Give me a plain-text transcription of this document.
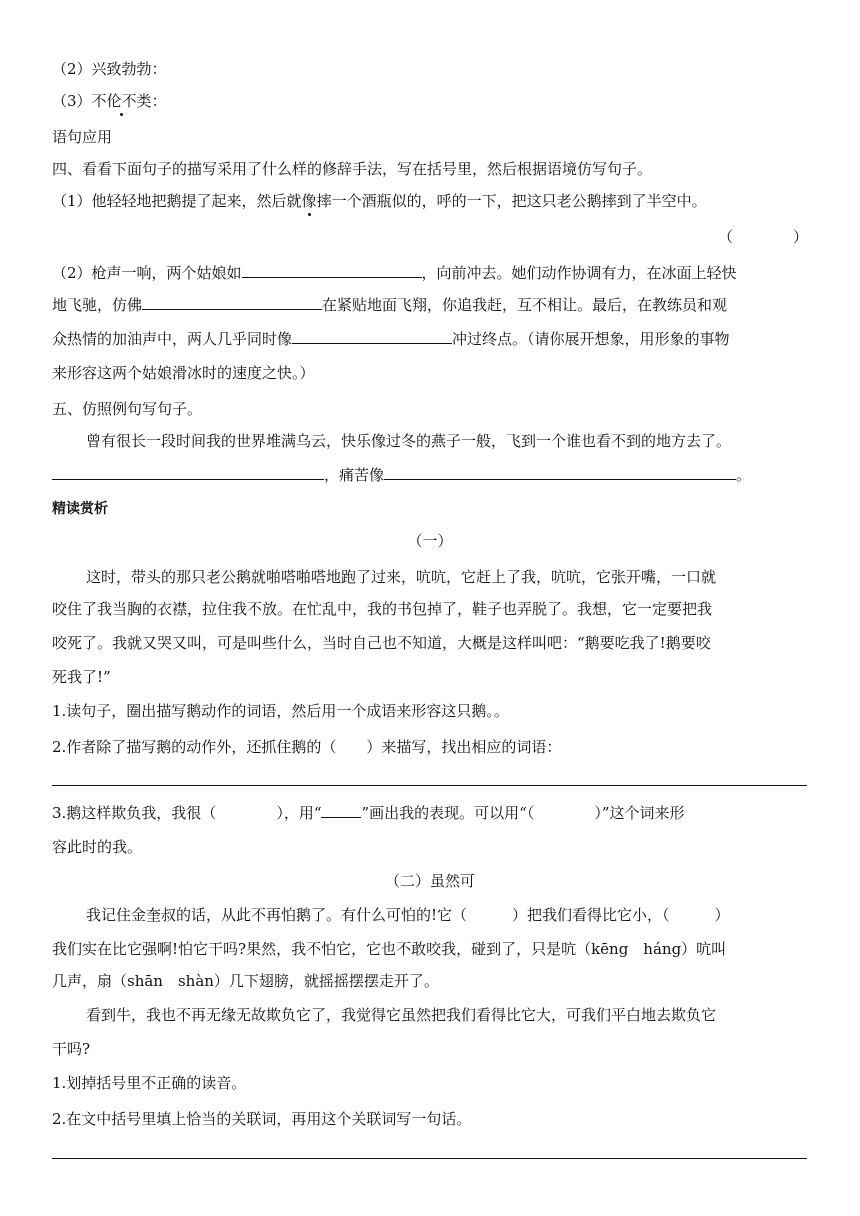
（2）兴致勃勃：
（3）不伦不类：
语句应用
四、看看下面句子的描写采用了什么样的修辞手法，写在括号里，然后根据语境仿写句子。
（1）他轻轻地把鹅提了起来，然后就像摔一个酒瓶似的，呼的一下，把这只老公鹅摔到了半空中。
（	）
（2）枪声一响，两个姑娘如	，向前冲去。她们动作协调有力，在冰面上轻快
地飞驰，仿佛	在紧贴地面飞翔，你追我赶，互不相让。最后，在教练员和观
众热情的加油声中，两人几乎同时像	冲过终点。（请你展开想象，用形象的事物
来形容这两个姑娘滑冰时的速度之快。）
五、仿照例句写句子。
曾有很长一段时间我的世界堆满乌云，快乐像过冬的燕子一般，飞到一个谁也看不到的地方去了。
，痛苦像	。
精读赏析
（一）
这时，带头的那只老公鹅就啪嗒啪嗒地跑了过来，吭吭，它赶上了我，吭吭，它张开嘴，一口就
咬住了我当胸的衣襟，拉住我不放。在忙乱中，我的书包掉了，鞋子也弄脱了。我想，它一定要把我
咬死了。我就又哭又叫，可是叫些什么，当时自己也不知道，大概是这样叫吧：“鹅要吃我了!鹅要咬
死我了!”
1.读句子，圈出描写鹅动作的词语，然后用一个成语来形容这只鹅。。
2.作者除了描写鹅的动作外，还抓住鹅的（　　）来描写，找出相应的词语：
3.鹅这样欺负我，我很（　　　　），用“	”画出我的表现。可以用“（　　　　）”这个词来形
容此时的我。
（二）虽然可
我记住金奎叔的话，从此不再怕鹅了。有什么可怕的!它（　　　）把我们看得比它小，（　　　）
我们实在比它强啊!怕它干吗?果然，我不怕它，它也不敢咬我，碰到了，只是吭（kēng　háng）吭叫
几声，扇（shān　shàn）几下翅膀，就摇摇摆摆走开了。
看到牛，我也不再无缘无故欺负它了，我觉得它虽然把我们看得比它大，可我们平白地去欺负它
干吗?
1.划掉括号里不正确的读音。
2.在文中括号里填上恰当的关联词，再用这个关联词写一句话。
